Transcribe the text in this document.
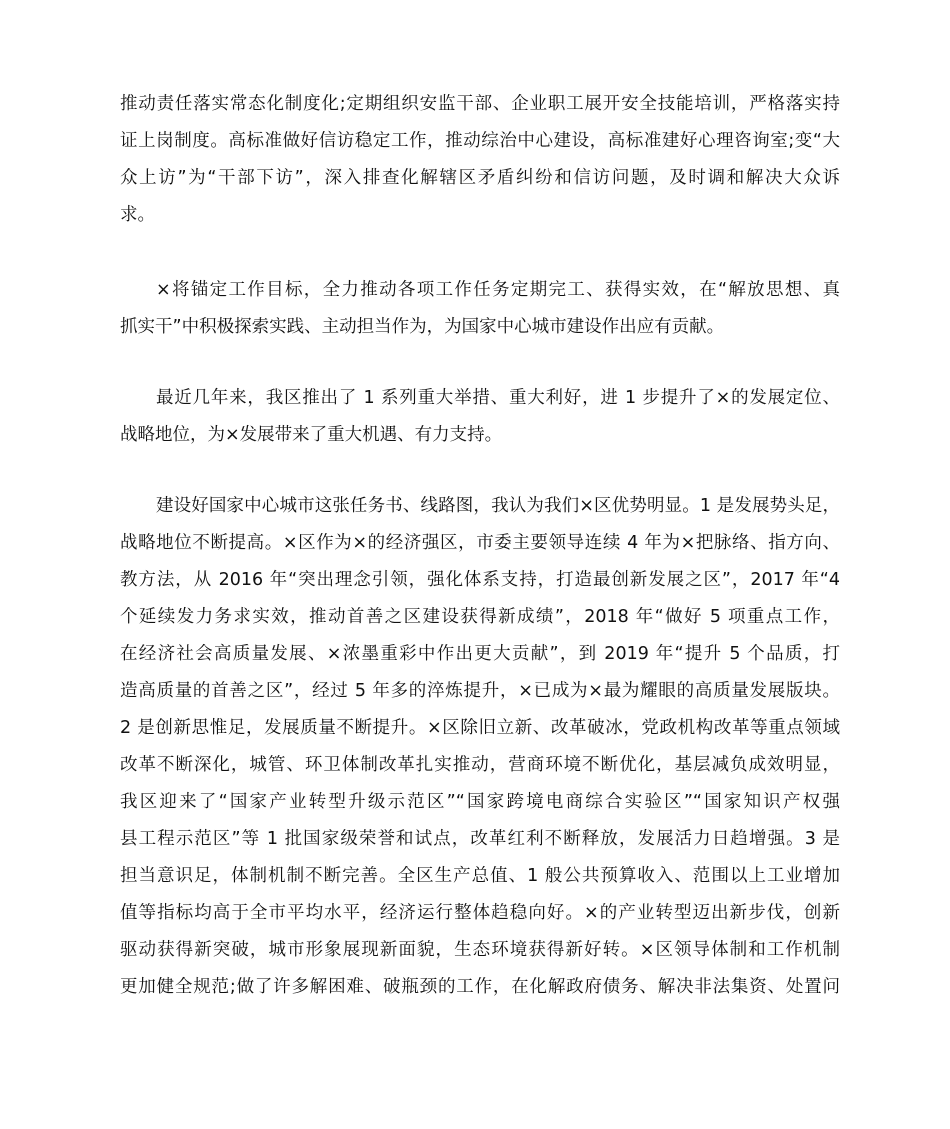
推动责任落实常态化制度化;定期组织安监干部、企业职工展开安全技能培训，严格落实持
证上岗制度。高标准做好信访稳定工作，推动综治中心建设，高标准建好心理咨询室;变“大
众上访”为“干部下访”，深入排查化解辖区矛盾纠纷和信访问题，及时调和解决大众诉
求。
×将锚定工作目标，全力推动各项工作任务定期完工、获得实效，在“解放思想、真
抓实干”中积极探索实践、主动担当作为，为国家中心城市建设作出应有贡献。
最近几年来，我区推出了 1 系列重大举措、重大利好，进 1 步提升了×的发展定位、
战略地位，为×发展带来了重大机遇、有力支持。
建设好国家中心城市这张任务书、线路图，我认为我们×区优势明显。1 是发展势头足，
战略地位不断提高。×区作为×的经济强区，市委主要领导连续 4 年为×把脉络、指方向、
教方法，从 2016 年“突出理念引领，强化体系支持，打造最创新发展之区”，2017 年“4
个延续发力务求实效，推动首善之区建设获得新成绩”，2018 年“做好 5 项重点工作，
在经济社会高质量发展、×浓墨重彩中作出更大贡献”，到 2019 年“提升 5 个品质，打
造高质量的首善之区”，经过 5 年多的淬炼提升，×已成为×最为耀眼的高质量发展版块。
2 是创新思惟足，发展质量不断提升。×区除旧立新、改革破冰，党政机构改革等重点领域
改革不断深化，城管、环卫体制改革扎实推动，营商环境不断优化，基层减负成效明显，
我区迎来了“国家产业转型升级示范区”“国家跨境电商综合实验区”“国家知识产权强
县工程示范区”等 1 批国家级荣誉和试点，改革红利不断释放，发展活力日趋增强。3 是
担当意识足，体制机制不断完善。全区生产总值、1 般公共预算收入、范围以上工业增加
值等指标均高于全市平均水平，经济运行整体趋稳向好。×的产业转型迈出新步伐，创新
驱动获得新突破，城市形象展现新面貌，生态环境获得新好转。×区领导体制和工作机制
更加健全规范;做了许多解困难、破瓶颈的工作，在化解政府债务、解决非法集资、处置问
